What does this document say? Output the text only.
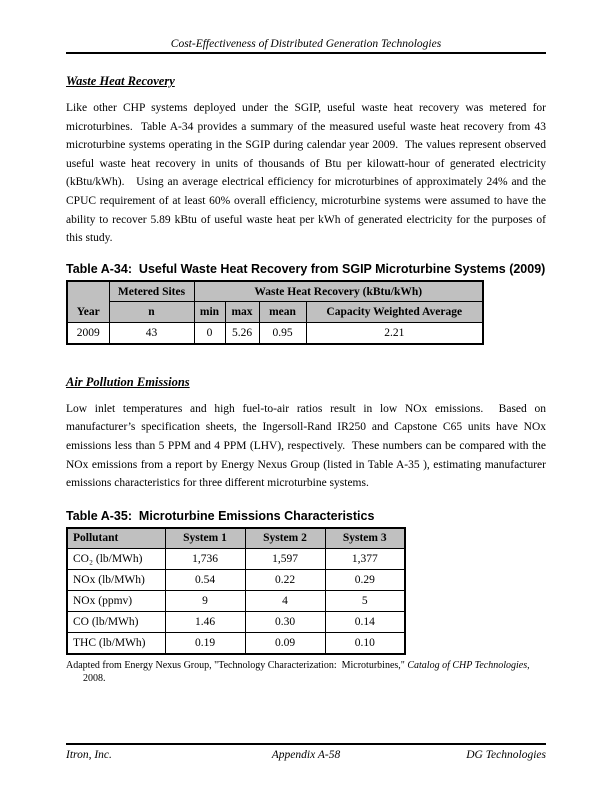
Cost-Effectiveness of Distributed Generation Technologies
Waste Heat Recovery

Like other CHP systems deployed under the SGIP, useful waste heat recovery was metered for microturbines.  Table A-34 provides a summary of the measured useful waste heat recovery from 43 microturbine systems operating in the SGIP during calendar year 2009.  The values represent observed useful waste heat recovery in units of thousands of Btu per kilowatt-hour of generated electricity (kBtu/kWh).   Using an average electrical efficiency for microturbines of approximately 24% and the CPUC requirement of at least 60% overall efficiency, microturbine systems were assumed to have the ability to recover 5.89 kBtu of useful waste heat per kWh of generated electricity for the purposes of this study.

Table A-34:  Useful Waste Heat Recovery from SGIP Microturbine Systems (2009)
Year	Metered Sites	Waste Heat Recovery (kBtu/kWh)			
	n	min	max	mean	Capacity Weighted Average
2009	43	0	5.26	0.95	2.21
Air Pollution Emissions

Low inlet temperatures and high fuel-to-air ratios result in low NOx emissions.  Based on manufacturer’s specification sheets, the Ingersoll-Rand IR250 and Capstone C65 units have NOx emissions less than 5 PPM and 4 PPM (LHV), respectively.  These numbers can be compared with the NOx emissions from a report by Energy Nexus Group (listed in Table A-35 ), estimating manufacturer emissions characteristics for three different microturbine systems.

Table A-35:  Microturbine Emissions Characteristics
Pollutant	System 1	System 2	System 3
CO₂ (lb/MWh)	1,736	1,597	1,377
NOx (lb/MWh)	0.54	0.22	0.29
NOx (ppmv)	9	4	5
CO (lb/MWh)	1.46	0.30	0.14
THC (lb/MWh)	0.19	0.09	0.10
Adapted from Energy Nexus Group, "Technology Characterization:  Microturbines," Catalog of CHP Technologies, 2008.
Appendix A-58
Itron, Inc.	DG Technologies
